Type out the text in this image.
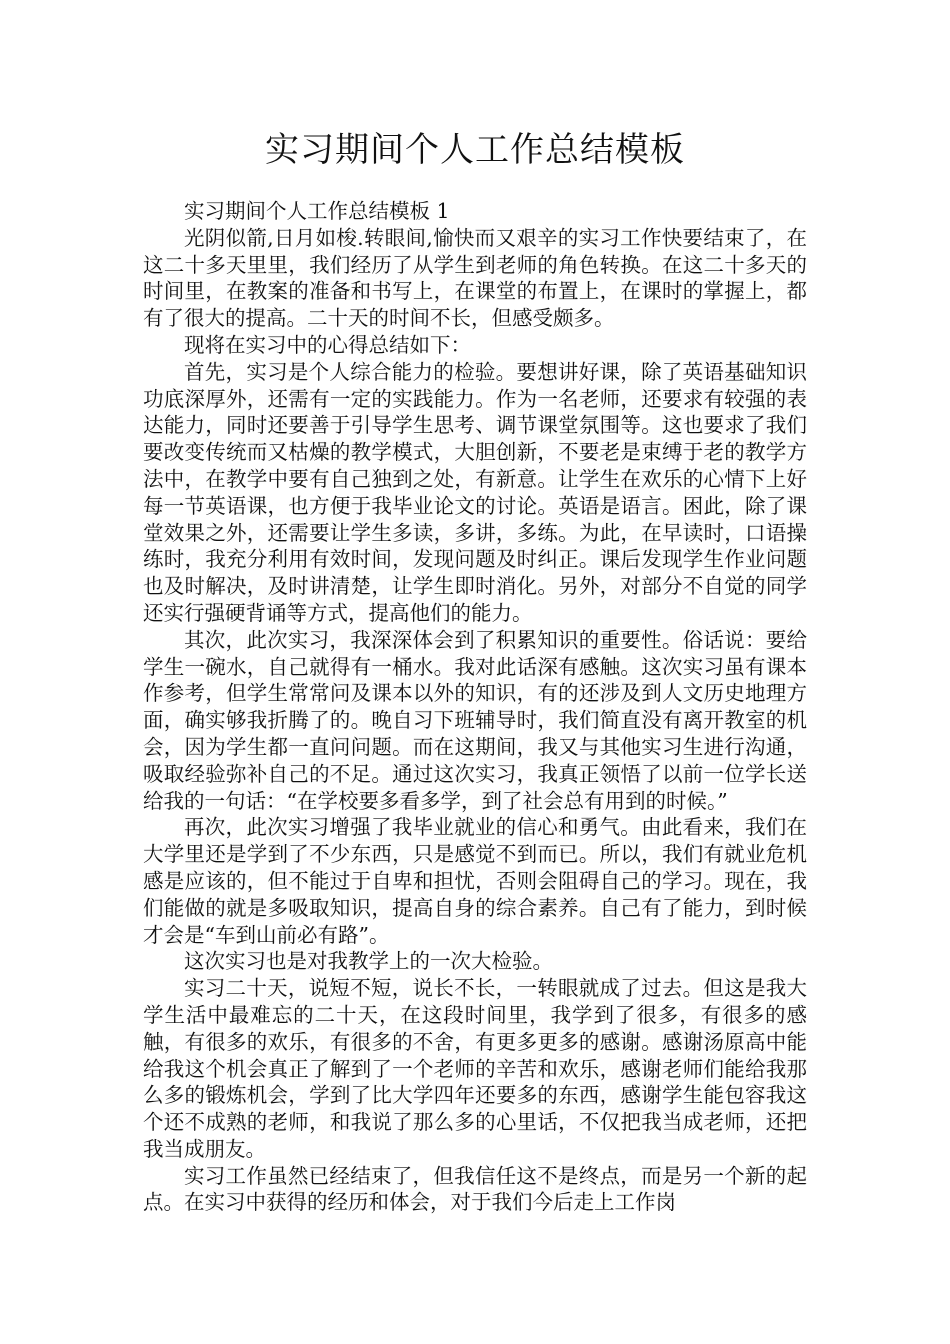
实习期间个人工作总结模板

实习期间个人工作总结模板 1

光阴似箭,日月如梭.转眼间,愉快而又艰辛的实习工作快要结束了，在这二十多天里里，我们经历了从学生到老师的角色转换。在这二十多天的时间里，在教案的准备和书写上，在课堂的布置上，在课时的掌握上，都有了很大的提高。二十天的时间不长，但感受颇多。

现将在实习中的心得总结如下：

首先，实习是个人综合能力的检验。要想讲好课，除了英语基础知识功底深厚外，还需有一定的实践能力。作为一名老师，还要求有较强的表达能力，同时还要善于引导学生思考、调节课堂氛围等。这也要求了我们要改变传统而又枯燥的教学模式，大胆创新，不要老是束缚于老的教学方法中，在教学中要有自己独到之处，有新意。让学生在欢乐的心情下上好每一节英语课，也方便于我毕业论文的讨论。英语是语言。困此，除了课堂效果之外，还需要让学生多读，多讲，多练。为此，在早读时，口语操练时，我充分利用有效时间，发现问题及时纠正。课后发现学生作业问题也及时解决，及时讲清楚，让学生即时消化。另外，对部分不自觉的同学还实行强硬背诵等方式，提高他们的能力。

其次，此次实习，我深深体会到了积累知识的重要性。俗话说：要给学生一碗水，自己就得有一桶水。我对此话深有感触。这次实习虽有课本作参考，但学生常常问及课本以外的知识，有的还涉及到人文历史地理方面，确实够我折腾了的。晚自习下班辅导时，我们简直没有离开教室的机会，因为学生都一直问问题。而在这期间，我又与其他实习生进行沟通，吸取经验弥补自己的不足。通过这次实习，我真正领悟了以前一位学长送给我的一句话：“在学校要多看多学，到了社会总有用到的时候。”

再次，此次实习增强了我毕业就业的信心和勇气。由此看来，我们在大学里还是学到了不少东西，只是感觉不到而已。所以，我们有就业危机感是应该的，但不能过于自卑和担忧，否则会阻碍自己的学习。现在，我们能做的就是多吸取知识，提高自身的综合素养。自己有了能力，到时候才会是“车到山前必有路”。

这次实习也是对我教学上的一次大检验。

实习二十天，说短不短，说长不长，一转眼就成了过去。但这是我大学生活中最难忘的二十天，在这段时间里，我学到了很多，有很多的感触，有很多的欢乐，有很多的不舍，有更多更多的感谢。感谢汤原高中能给我这个机会真正了解到了一个老师的辛苦和欢乐，感谢老师们能给我那么多的锻炼机会，学到了比大学四年还要多的东西，感谢学生能包容我这个还不成熟的老师，和我说了那么多的心里话，不仅把我当成老师，还把我当成朋友。

实习工作虽然已经结束了，但我信任这不是终点，而是另一个新的起点。在实习中获得的经历和体会，对于我们今后走上工作岗
